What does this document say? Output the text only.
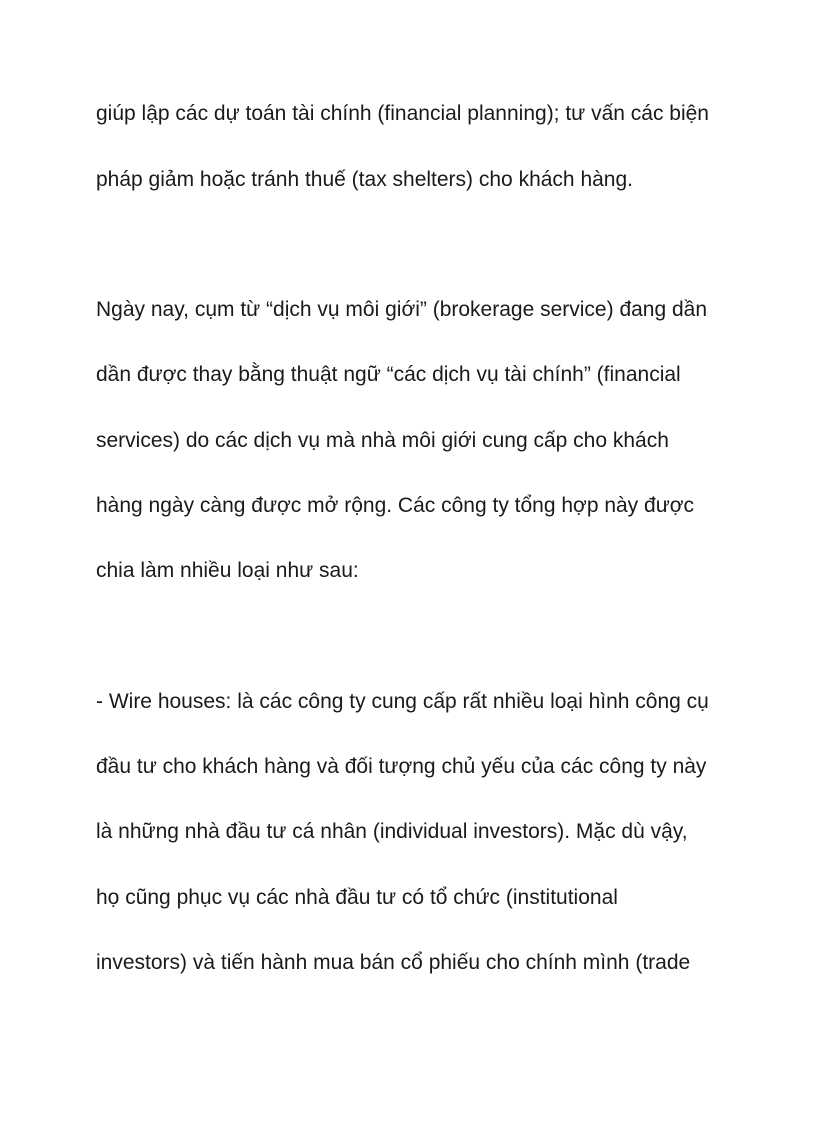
giúp lập các dự toán tài chính (financial planning); tư vấn các biện

pháp giảm hoặc tránh thuế (tax shelters) cho khách hàng.

Ngày nay, cụm từ “dịch vụ môi giới” (brokerage service) đang dần

dần được thay bằng thuật ngữ “các dịch vụ tài chính” (financial

services) do các dịch vụ mà nhà môi giới cung cấp cho khách

hàng ngày càng được mở rộng. Các công ty tổng hợp này được

chia làm nhiều loại như sau:

- Wire houses: là các công ty cung cấp rất nhiều loại hình công cụ

đầu tư cho khách hàng và đối tượng chủ yếu của các công ty này

là những nhà đầu tư cá nhân (individual investors). Mặc dù vậy,

họ cũng phục vụ các nhà đầu tư có tổ chức (institutional

investors) và tiến hành mua bán cổ phiếu cho chính mình (trade
